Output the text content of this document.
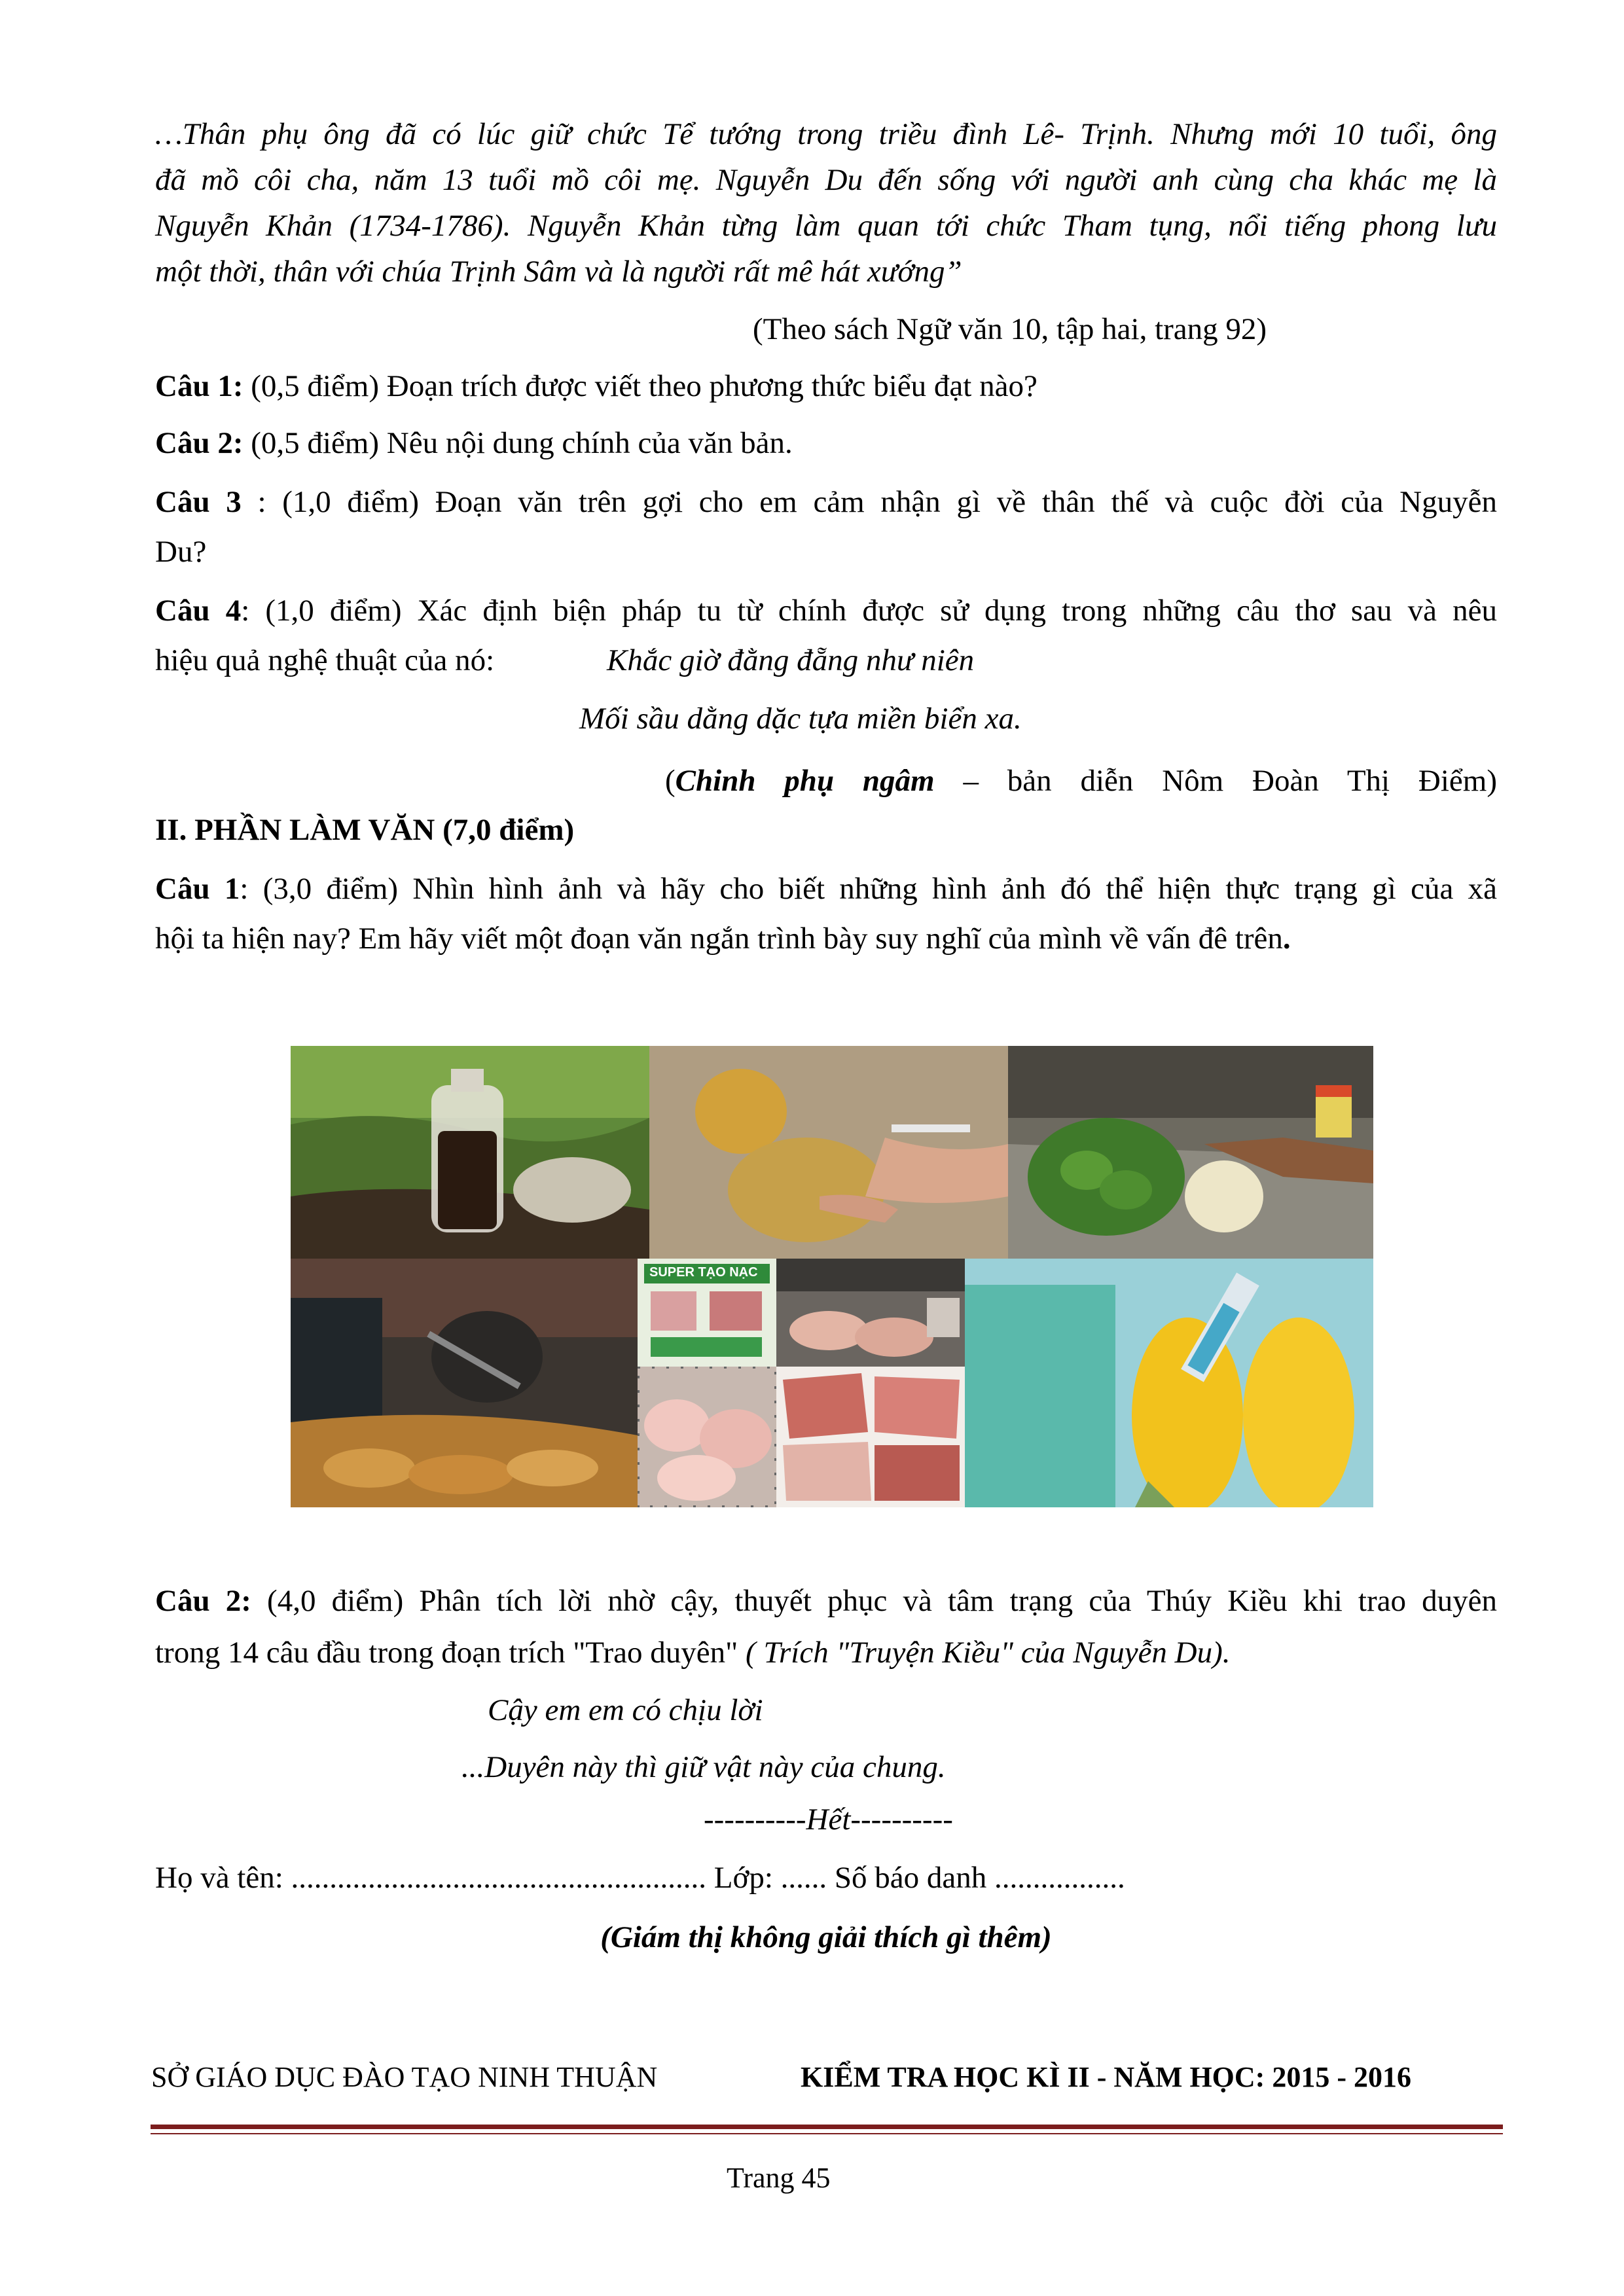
…Thân phụ ông đã có lúc giữ chức Tể tướng trong triều đình Lê- Trịnh. Nhưng mới 10 tuổi, ông
đã mồ côi cha, năm 13 tuổi mồ côi mẹ. Nguyễn Du đến sống với người anh cùng cha khác mẹ là
Nguyễn Khản (1734-1786). Nguyễn Khản từng làm quan tới chức Tham tụng, nổi tiếng phong lưu
một thời, thân với chúa Trịnh Sâm và là người rất mê hát xướng”
(Theo sách Ngữ văn 10, tập hai, trang 92)
Câu 1: (0,5 điểm) Đoạn trích được viết theo phương thức biểu đạt nào?
Câu 2: (0,5 điểm) Nêu nội dung chính của văn bản.
Câu 3 : (1,0 điểm) Đoạn văn trên gợi cho em cảm nhận gì về thân thế và cuộc đời của Nguyễn
Du?
Câu 4: (1,0 điểm) Xác định biện pháp tu từ chính được sử dụng trong những câu thơ sau và nêu
hiệu quả nghệ thuật của nó:	Khắc giờ đằng đẵng như niên
Mối sầu dằng dặc tựa miền biển xa.
(Chinh phụ ngâm – bản diễn Nôm Đoàn Thị Điểm)
II. PHẦN LÀM VĂN (7,0 điểm)
Câu 1: (3,0 điểm) Nhìn hình ảnh và hãy cho biết những hình ảnh đó thể hiện thực trạng gì của xã
hội ta hiện nay? Em hãy viết một đoạn văn ngắn trình bày suy nghĩ của mình về vấn đê trên.
SUPER TẠO NẠC
Câu 2: (4,0 điểm) Phân tích lời nhờ cậy, thuyết phục và tâm trạng của Thúy Kiều khi trao duyên
trong 14 câu đầu trong đoạn trích "Trao duyên" ( Trích "Truyện Kiều" của Nguyễn Du).
Cậy em em có chịu lời
...Duyên này thì giữ vật này của chung.
----------Hết----------
Họ và tên: ...................................................... Lớp: ...... Số báo danh .................
(Giám thị không giải thích gì thêm)
SỞ GIÁO DỤC ĐÀO TẠO NINH THUẬN	KIỂM TRA HỌC KÌ II - NĂM HỌC: 2015 - 2016
Trang 45
